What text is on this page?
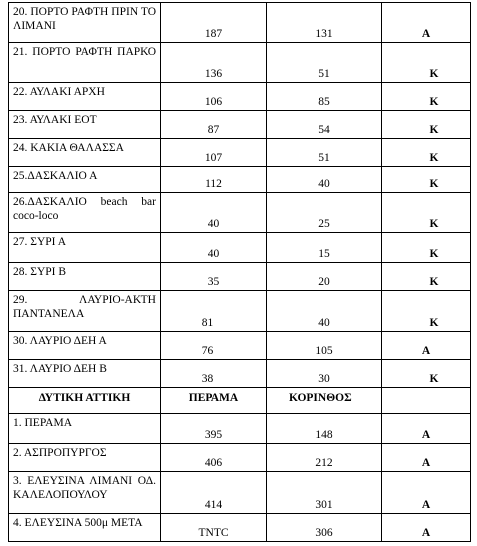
20. ΠΟΡΤΟ ΡΑΦΤΗ ΠΡΙΝ ΤΟ ΛΙΜΑΝΙ	187	131	Α

21. ΠΟΡΤΟ ΡΑΦΤΗ ΠΑΡΚΟ	136	51	Κ

22. ΑΥΛΑΚΙ ΑΡΧΗ	106	85	Κ

23. ΑΥΛΑΚΙ ΕΟΤ	87	54	Κ

24. ΚΑΚΙΑ ΘΑΛΑΣΣΑ	107	51	Κ

25.ΔΑΣΚΑΛΙΟ Α	112	40	Κ

26.ΔΑΣΚΑΛΙΟ beach bar coco-loco	40	25	Κ

27. ΣΥΡΙ Α	40	15	Κ

28. ΣΥΡΙ Β	35	20	Κ

29. ΛΑΥΡΙΟ-ΑΚΤΗ ΠΑΝΤΑΝΕΛΑ	81	40	Κ

30. ΛΑΥΡΙΟ ΔΕΗ Α	76	105	Α

31. ΛΑΥΡΙΟ ΔΕΗ Β	38	30	Κ

ΔΥΤΙΚΗ ΑΤΤΙΚΗ	ΠΕΡΑΜΑ	ΚΟΡΙΝΘΟΣ	

1. ΠΕΡΑΜΑ	395	148	Α

2. ΑΣΠΡΟΠΥΡΓΟΣ	406	212	Α

3. ΕΛΕΥΣΙΝΑ ΛΙΜΑΝΙ ΟΔ. ΚΑΛΕΛΟΠΟΥΛΟΥ	414	301	Α

4. ΕΛΕΥΣΙΝΑ 500μ ΜΕΤΑ	TNTC	306	Α
